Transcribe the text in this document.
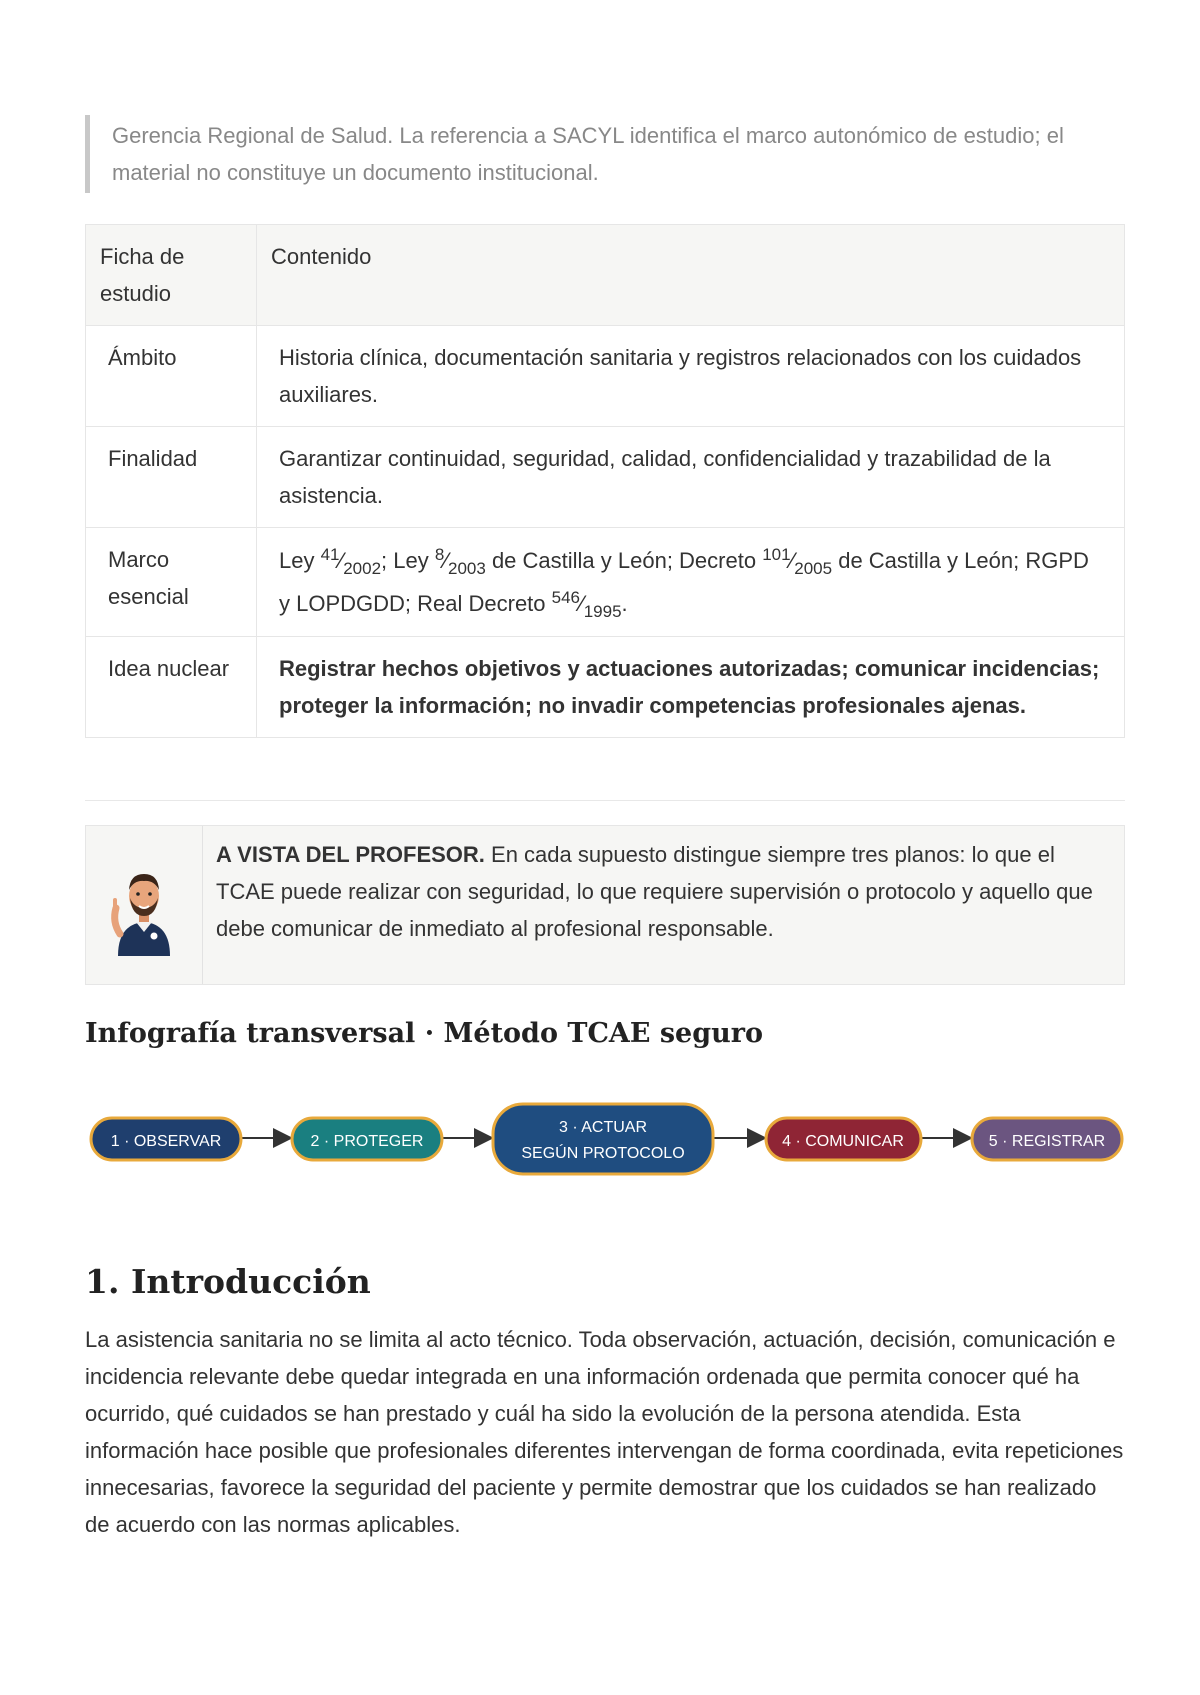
Gerencia Regional de Salud. La referencia a SACYL identifica el marco autonómico de estudio; el material no constituye un documento institucional.
Ficha de estudio	Contenido
Ámbito	Historia clínica, documentación sanitaria y registros relacionados con los cuidados auxiliares.
Finalidad	Garantizar continuidad, seguridad, calidad, confidencialidad y trazabilidad de la asistencia.
Marco esencial	Ley $^{41}⁄_{2002}$; Ley $^8⁄_{2003}$ de Castilla y León; Decreto $^{101}⁄_{2005}$ de Castilla y León; RGPD y LOPDGDD; Real Decreto $^{546}⁄_{1995}$.
Idea nuclear	Registrar hechos objetivos y actuaciones autorizadas; comunicar incidencias; proteger la información; no invadir competencias profesionales ajenas.
A VISTA DEL PROFESOR. En cada supuesto distingue siempre tres planos: lo que el TCAE puede realizar con seguridad, lo que requiere supervisión o protocolo y aquello que debe comunicar de inmediato al profesional responsable.
Infografía transversal · Método TCAE seguro
1 · OBSERVAR	2 · PROTEGER
3 · ACTUAR
SEGÚN PROTOCOLO
4 · COMUNICAR	5 · REGISTRAR
1. Introducción

La asistencia sanitaria no se limita al acto técnico. Toda observación, actuación, decisión, comunicación e incidencia relevante debe quedar integrada en una información ordenada que permita conocer qué ha ocurrido, qué cuidados se han prestado y cuál ha sido la evolución de la persona atendida. Esta información hace posible que profesionales diferentes intervengan de forma coordinada, evita repeticiones innecesarias, favorece la seguridad del paciente y permite demostrar que los cuidados se han realizado de acuerdo con las normas aplicables.
